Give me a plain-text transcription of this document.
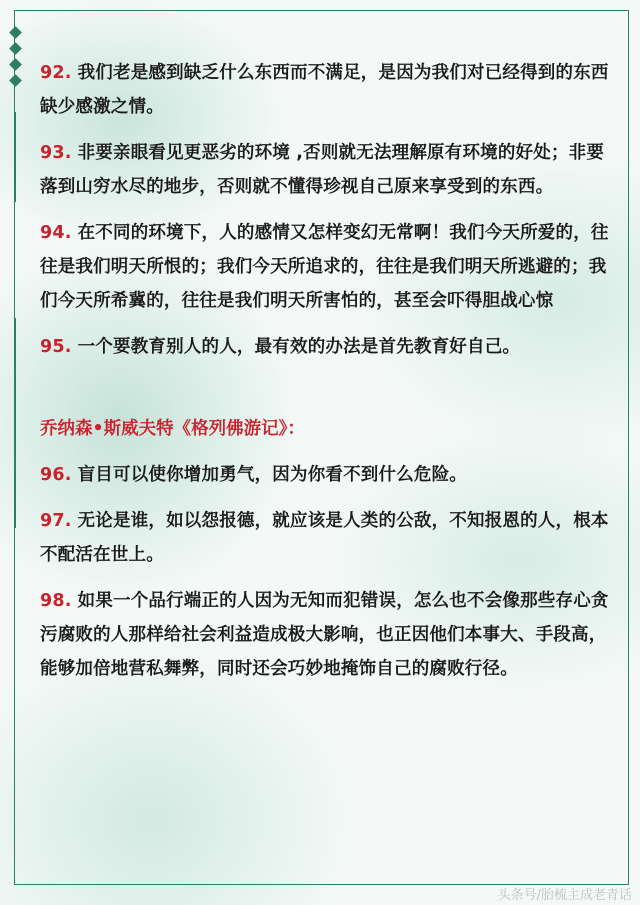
92. 我们老是感到缺乏什么东西而不满足，是因为我们对已经得到的东西缺少感激之情。

93. 非要亲眼看见更恶劣的环境 ,否则就无法理解原有环境的好处；非要落到山穷水尽的地步，否则就不懂得珍视自己原来享受到的东西。

94. 在不同的环境下，人的感情又怎样变幻无常啊！我们今天所爱的，往往是我们明天所恨的；我们今天所追求的，往往是我们明天所逃避的；我们今天所希冀的，往往是我们明天所害怕的，甚至会吓得胆战心惊

95. 一个要教育别人的人，最有效的办法是首先教育好自己。

乔纳森•斯威夫特《格列佛游记》：

96. 盲目可以使你增加勇气，因为你看不到什么危险。

97. 无论是谁，如以怨报德，就应该是人类的公敌，不知报恩的人，根本不配活在世上。

98. 如果一个品行端正的人因为无知而犯错误，怎么也不会像那些存心贪污腐败的人那样给社会利益造成极大影响，也正因他们本事大、手段高，能够加倍地营私舞弊，同时还会巧妙地掩饰自己的腐败行径。

头条号/胎梳主成老青话
